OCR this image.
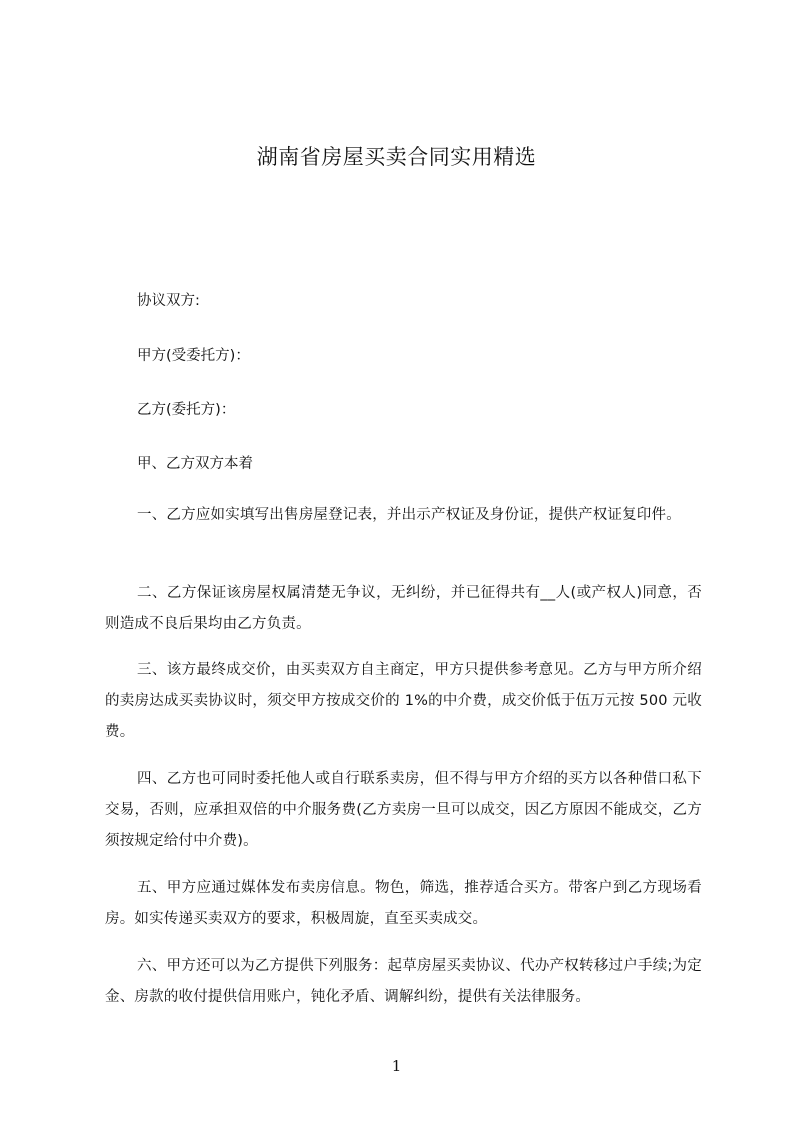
湖南省房屋买卖合同实用精选

协议双方:

甲方(受委托方)：

乙方(委托方)：

甲、乙方双方本着

一、乙方应如实填写出售房屋登记表，并出示产权证及身份证，提供产权证复印件。

二、乙方保证该房屋权属清楚无争议，无纠纷，并已征得共有__人(或产权人)同意，否则造成不良后果均由乙方负责。

三、该方最终成交价，由买卖双方自主商定，甲方只提供参考意见。乙方与甲方所介绍的卖房达成买卖协议时，须交甲方按成交价的 1%的中介费，成交价低于伍万元按 500 元收费。

四、乙方也可同时委托他人或自行联系卖房，但不得与甲方介绍的买方以各种借口私下交易，否则，应承担双倍的中介服务费(乙方卖房一旦可以成交，因乙方原因不能成交，乙方须按规定给付中介费)。

五、甲方应通过媒体发布卖房信息。物色，筛选，推荐适合买方。带客户到乙方现场看房。如实传递买卖双方的要求，积极周旋，直至买卖成交。

六、甲方还可以为乙方提供下列服务：起草房屋买卖协议、代办产权转移过户手续;为定金、房款的收付提供信用账户，钝化矛盾、调解纠纷，提供有关法律服务。

1
